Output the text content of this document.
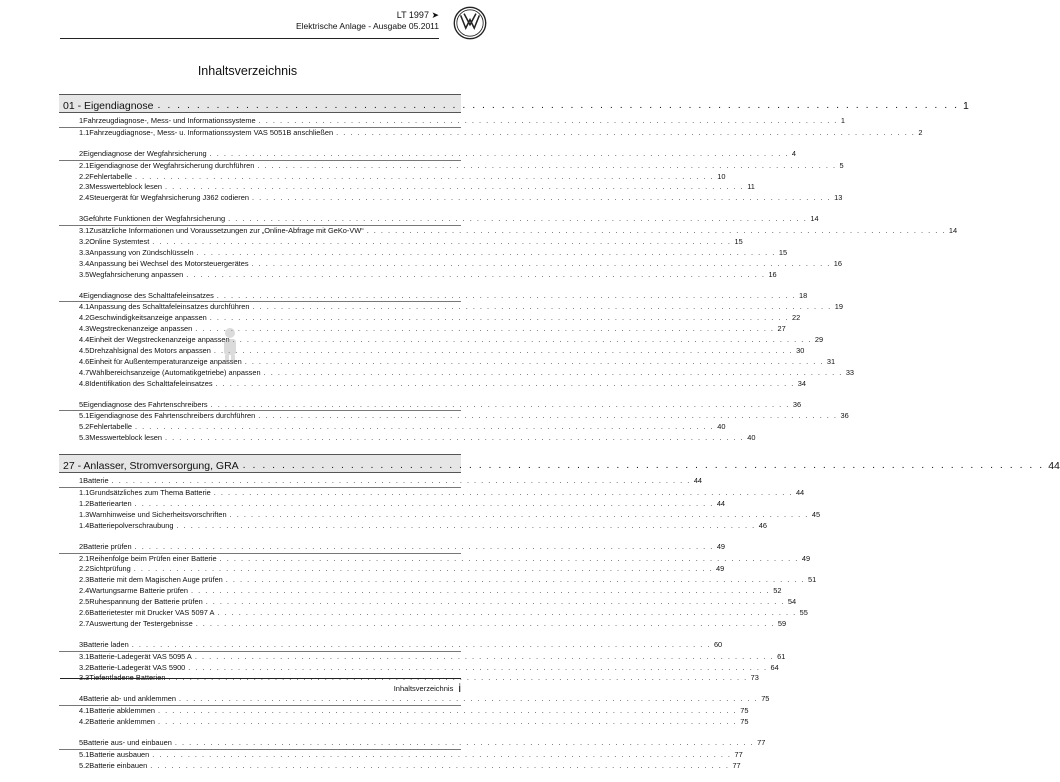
LT 1997 ➤
Elektrische Anlage - Ausgabe 05.2011
Inhaltsverzeichnis
01 - Eigendiagnose . . . . . . . . . . . . . . . . . . . . . . . . . . . . . . . . . . . . . . . . . . . . . . . . . . . . . . . . . . . . . . . . . . . . . . . . . . . . . . . . . . 1
1 Fahrzeugdiagnose-, Mess- und Informationssysteme . . . . . . . . . . . . . . . . . . . . . . . . . . . . . . . . . . . . . . . . . . . . . . . . . . . . . . . . . . . . . . . . . . . . . . . . . . . . . . . . . . 1
1.1 Fahrzeugdiagnose-, Mess- u. Informationssystem VAS 5051B anschließen . . . . . . . . . . . . . . . . . . . . . . . . . . . . . . . . . . . . . . . . . . . . . . . . . . . . . . . . . . . . . . . . . . . . . . . . . . . . . . . . . . 2
2 Eigendiagnose der Wegfahrsicherung . . . . . . . . . . . . . . . . . . . . . . . . . . . . . . . . . . . . . . . . . . . . . . . . . . . . . . . . . . . . . . . . . . . . . . . . . . . . . . . . . . 4
2.1 Eigendiagnose der Wegfahrsicherung durchführen . . . . . . . . . . . . . . . . . . . . . . . . . . . . . . . . . . . . . . . . . . . . . . . . . . . . . . . . . . . . . . . . . . . . . . . . . . . . . . . . . . 5
2.2 Fehlertabelle . . . . . . . . . . . . . . . . . . . . . . . . . . . . . . . . . . . . . . . . . . . . . . . . . . . . . . . . . . . . . . . . . . . . . . . . . . . . . . . . . . 10
2.3 Messwerteblock lesen . . . . . . . . . . . . . . . . . . . . . . . . . . . . . . . . . . . . . . . . . . . . . . . . . . . . . . . . . . . . . . . . . . . . . . . . . . . . . . . . . . 11
2.4 Steuergerät für Wegfahrsicherung J362 codieren . . . . . . . . . . . . . . . . . . . . . . . . . . . . . . . . . . . . . . . . . . . . . . . . . . . . . . . . . . . . . . . . . . . . . . . . . . . . . . . . . . 13
3 Geführte Funktionen der Wegfahrsicherung . . . . . . . . . . . . . . . . . . . . . . . . . . . . . . . . . . . . . . . . . . . . . . . . . . . . . . . . . . . . . . . . . . . . . . . . . . . . . . . . . . 14
3.1 Zusätzliche Informationen und Voraussetzungen zur „Online-Abfrage mit GeKo-VW“ . . . . . . . . . . . . . . . . . . . . . . . . . . . . . . . . . . . . . . . . . . . . . . . . . . . . . . . . . . . . . . . . . . . . . . . . . . . . . . . . . . 14
3.2 Online Systemtest . . . . . . . . . . . . . . . . . . . . . . . . . . . . . . . . . . . . . . . . . . . . . . . . . . . . . . . . . . . . . . . . . . . . . . . . . . . . . . . . . . 15
3.3 Anpassung von Zündschlüsseln . . . . . . . . . . . . . . . . . . . . . . . . . . . . . . . . . . . . . . . . . . . . . . . . . . . . . . . . . . . . . . . . . . . . . . . . . . . . . . . . . . 15
3.4 Anpassung bei Wechsel des Motorsteuergerätes . . . . . . . . . . . . . . . . . . . . . . . . . . . . . . . . . . . . . . . . . . . . . . . . . . . . . . . . . . . . . . . . . . . . . . . . . . . . . . . . . . 16
3.5 Wegfahrsicherung anpassen . . . . . . . . . . . . . . . . . . . . . . . . . . . . . . . . . . . . . . . . . . . . . . . . . . . . . . . . . . . . . . . . . . . . . . . . . . . . . . . . . . 16
4 Eigendiagnose des Schalttafeleinsatzes . . . . . . . . . . . . . . . . . . . . . . . . . . . . . . . . . . . . . . . . . . . . . . . . . . . . . . . . . . . . . . . . . . . . . . . . . . . . . . . . . . 18
4.1 Anpassung des Schalttafeleinsatzes durchführen . . . . . . . . . . . . . . . . . . . . . . . . . . . . . . . . . . . . . . . . . . . . . . . . . . . . . . . . . . . . . . . . . . . . . . . . . . . . . . . . . . 19
4.2 Geschwindigkeitsanzeige anpassen . . . . . . . . . . . . . . . . . . . . . . . . . . . . . . . . . . . . . . . . . . . . . . . . . . . . . . . . . . . . . . . . . . . . . . . . . . . . . . . . . . 22
4.3 Wegstreckenanzeige anpassen . . . . . . . . . . . . . . . . . . . . . . . . . . . . . . . . . . . . . . . . . . . . . . . . . . . . . . . . . . . . . . . . . . . . . . . . . . . . . . . . . . 27
4.4 Einheit der Wegstreckenanzeige anpassen . . . . . . . . . . . . . . . . . . . . . . . . . . . . . . . . . . . . . . . . . . . . . . . . . . . . . . . . . . . . . . . . . . . . . . . . . . . . . . . . . . 29
4.5 Drehzahlsignal des Motors anpassen . . . . . . . . . . . . . . . . . . . . . . . . . . . . . . . . . . . . . . . . . . . . . . . . . . . . . . . . . . . . . . . . . . . . . . . . . . . . . . . . . . 30
4.6 Einheit für Außentemperaturanzeige anpassen . . . . . . . . . . . . . . . . . . . . . . . . . . . . . . . . . . . . . . . . . . . . . . . . . . . . . . . . . . . . . . . . . . . . . . . . . . . . . . . . . . 31
4.7 Wählbereichsanzeige (Automatikgetriebe) anpassen . . . . . . . . . . . . . . . . . . . . . . . . . . . . . . . . . . . . . . . . . . . . . . . . . . . . . . . . . . . . . . . . . . . . . . . . . . . . . . . . . . 33
4.8 Identifikation des Schalttafeleinsatzes . . . . . . . . . . . . . . . . . . . . . . . . . . . . . . . . . . . . . . . . . . . . . . . . . . . . . . . . . . . . . . . . . . . . . . . . . . . . . . . . . . 34
5 Eigendiagnose des Fahrtenschreibers . . . . . . . . . . . . . . . . . . . . . . . . . . . . . . . . . . . . . . . . . . . . . . . . . . . . . . . . . . . . . . . . . . . . . . . . . . . . . . . . . . 36
5.1 Eigendiagnose des Fahrtenschreibers durchführen . . . . . . . . . . . . . . . . . . . . . . . . . . . . . . . . . . . . . . . . . . . . . . . . . . . . . . . . . . . . . . . . . . . . . . . . . . . . . . . . . . 36
5.2 Fehlertabelle . . . . . . . . . . . . . . . . . . . . . . . . . . . . . . . . . . . . . . . . . . . . . . . . . . . . . . . . . . . . . . . . . . . . . . . . . . . . . . . . . . 40
5.3 Messwerteblock lesen . . . . . . . . . . . . . . . . . . . . . . . . . . . . . . . . . . . . . . . . . . . . . . . . . . . . . . . . . . . . . . . . . . . . . . . . . . . . . . . . . . 40
27 - Anlasser, Stromversorgung, GRA . . . . . . . . . . . . . . . . . . . . . . . . . . . . . . . . . . . . . . . . . . . . . . . . . . . . . . . . . . . . . . . . . . . . . . . . . . . . . . . . . . 44
1 Batterie . . . . . . . . . . . . . . . . . . . . . . . . . . . . . . . . . . . . . . . . . . . . . . . . . . . . . . . . . . . . . . . . . . . . . . . . . . . . . . . . . . 44
1.1 Grundsätzliches zum Thema Batterie . . . . . . . . . . . . . . . . . . . . . . . . . . . . . . . . . . . . . . . . . . . . . . . . . . . . . . . . . . . . . . . . . . . . . . . . . . . . . . . . . . 44
1.2 Batteriearten . . . . . . . . . . . . . . . . . . . . . . . . . . . . . . . . . . . . . . . . . . . . . . . . . . . . . . . . . . . . . . . . . . . . . . . . . . . . . . . . . . 44
1.3 Warnhinweise und Sicherheitsvorschriften . . . . . . . . . . . . . . . . . . . . . . . . . . . . . . . . . . . . . . . . . . . . . . . . . . . . . . . . . . . . . . . . . . . . . . . . . . . . . . . . . . 45
1.4 Batteriepolverschraubung . . . . . . . . . . . . . . . . . . . . . . . . . . . . . . . . . . . . . . . . . . . . . . . . . . . . . . . . . . . . . . . . . . . . . . . . . . . . . . . . . . 46
2 Batterie prüfen . . . . . . . . . . . . . . . . . . . . . . . . . . . . . . . . . . . . . . . . . . . . . . . . . . . . . . . . . . . . . . . . . . . . . . . . . . . . . . . . . . 49
2.1 Reihenfolge beim Prüfen einer Batterie . . . . . . . . . . . . . . . . . . . . . . . . . . . . . . . . . . . . . . . . . . . . . . . . . . . . . . . . . . . . . . . . . . . . . . . . . . . . . . . . . . 49
2.2 Sichtprüfung . . . . . . . . . . . . . . . . . . . . . . . . . . . . . . . . . . . . . . . . . . . . . . . . . . . . . . . . . . . . . . . . . . . . . . . . . . . . . . . . . . 49
2.3 Batterie mit dem Magischen Auge prüfen . . . . . . . . . . . . . . . . . . . . . . . . . . . . . . . . . . . . . . . . . . . . . . . . . . . . . . . . . . . . . . . . . . . . . . . . . . . . . . . . . . 51
2.4 Wartungsarme Batterie prüfen . . . . . . . . . . . . . . . . . . . . . . . . . . . . . . . . . . . . . . . . . . . . . . . . . . . . . . . . . . . . . . . . . . . . . . . . . . . . . . . . . . 52
2.5 Ruhespannung der Batterie prüfen . . . . . . . . . . . . . . . . . . . . . . . . . . . . . . . . . . . . . . . . . . . . . . . . . . . . . . . . . . . . . . . . . . . . . . . . . . . . . . . . . . 54
2.6 Batterietester mit Drucker VAS 5097 A . . . . . . . . . . . . . . . . . . . . . . . . . . . . . . . . . . . . . . . . . . . . . . . . . . . . . . . . . . . . . . . . . . . . . . . . . . . . . . . . . . 55
2.7 Auswertung der Testergebnisse . . . . . . . . . . . . . . . . . . . . . . . . . . . . . . . . . . . . . . . . . . . . . . . . . . . . . . . . . . . . . . . . . . . . . . . . . . . . . . . . . . 59
3 Batterie laden . . . . . . . . . . . . . . . . . . . . . . . . . . . . . . . . . . . . . . . . . . . . . . . . . . . . . . . . . . . . . . . . . . . . . . . . . . . . . . . . . . 60
3.1 Batterie-Ladegerät VAS 5095 A . . . . . . . . . . . . . . . . . . . . . . . . . . . . . . . . . . . . . . . . . . . . . . . . . . . . . . . . . . . . . . . . . . . . . . . . . . . . . . . . . . 61
3.2 Batterie-Ladegerät VAS 5900 . . . . . . . . . . . . . . . . . . . . . . . . . . . . . . . . . . . . . . . . . . . . . . . . . . . . . . . . . . . . . . . . . . . . . . . . . . . . . . . . . . 64
3.3 Tiefentladene Batterien . . . . . . . . . . . . . . . . . . . . . . . . . . . . . . . . . . . . . . . . . . . . . . . . . . . . . . . . . . . . . . . . . . . . . . . . . . . . . . . . . . 73
4 Batterie ab- und anklemmen . . . . . . . . . . . . . . . . . . . . . . . . . . . . . . . . . . . . . . . . . . . . . . . . . . . . . . . . . . . . . . . . . . . . . . . . . . . . . . . . . . 75
4.1 Batterie abklemmen . . . . . . . . . . . . . . . . . . . . . . . . . . . . . . . . . . . . . . . . . . . . . . . . . . . . . . . . . . . . . . . . . . . . . . . . . . . . . . . . . . 75
4.2 Batterie anklemmen . . . . . . . . . . . . . . . . . . . . . . . . . . . . . . . . . . . . . . . . . . . . . . . . . . . . . . . . . . . . . . . . . . . . . . . . . . . . . . . . . . 75
5 Batterie aus- und einbauen . . . . . . . . . . . . . . . . . . . . . . . . . . . . . . . . . . . . . . . . . . . . . . . . . . . . . . . . . . . . . . . . . . . . . . . . . . . . . . . . . . 77
5.1 Batterie ausbauen . . . . . . . . . . . . . . . . . . . . . . . . . . . . . . . . . . . . . . . . . . . . . . . . . . . . . . . . . . . . . . . . . . . . . . . . . . . . . . . . . . 77
5.2 Batterie einbauen . . . . . . . . . . . . . . . . . . . . . . . . . . . . . . . . . . . . . . . . . . . . . . . . . . . . . . . . . . . . . . . . . . . . . . . . . . . . . . . . . . 77
Inhaltsverzeichnis i
